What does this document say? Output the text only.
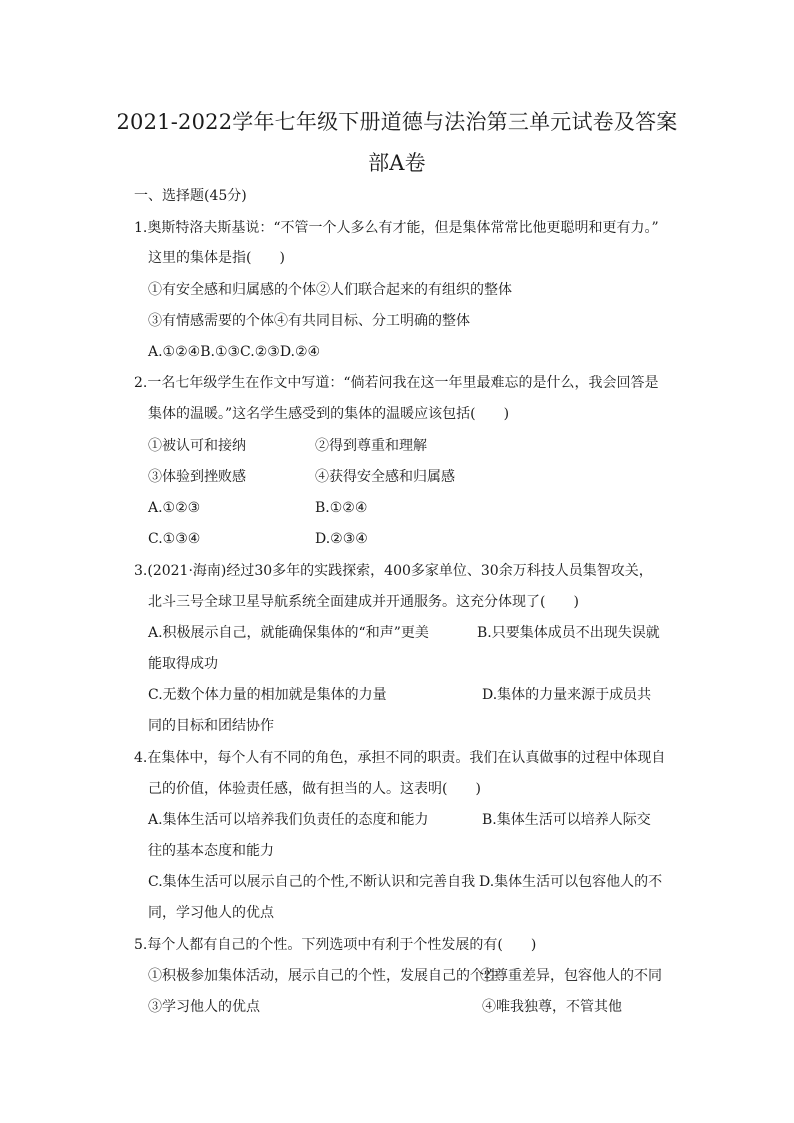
2021-2022学年七年级下册道德与法治第三单元试卷及答案
部A卷
一、选择题(45分)
1.奥斯特洛夫斯基说：“不管一个人多么有才能，但是集体常常比他更聪明和更有力。”
这里的集体是指(　　)
①有安全感和归属感的个体②人们联合起来的有组织的整体
③有情感需要的个体④有共同目标、分工明确的整体
A.①②④B.①③C.②③D.②④
2.一名七年级学生在作文中写道：“倘若问我在这一年里最难忘的是什么，我会回答是
集体的温暖。”这名学生感受到的集体的温暖应该包括(　　)
①被认可和接纳	②得到尊重和理解
③体验到挫败感	④获得安全感和归属感
A.①②③	B.①②④
C.①③④	D.②③④
3.(2021·海南)经过30多年的实践探索，400多家单位、30余万科技人员集智攻关，
北斗三号全球卫星导航系统全面建成并开通服务。这充分体现了(　　)
A.积极展示自己，就能确保集体的“和声”更美	B.只要集体成员不出现失误就
能取得成功
C.无数个体力量的相加就是集体的力量	D.集体的力量来源于成员共
同的目标和团结协作
4.在集体中，每个人有不同的角色，承担不同的职责。我们在认真做事的过程中体现自
己的价值，体验责任感，做有担当的人。这表明(　　)
A.集体生活可以培养我们负责任的态度和能力	B.集体生活可以培养人际交
往的基本态度和能力
C.集体生活可以展示自己的个性,不断认识和完善自我 D.集体生活可以包容他人的不
同，学习他人的优点
5.每个人都有自己的个性。下列选项中有利于个性发展的有(　　)
①积极参加集体活动，展示自己的个性，发展自己的个性
②尊重差异，包容他人的不同
③学习他人的优点	④唯我独尊，不管其他
